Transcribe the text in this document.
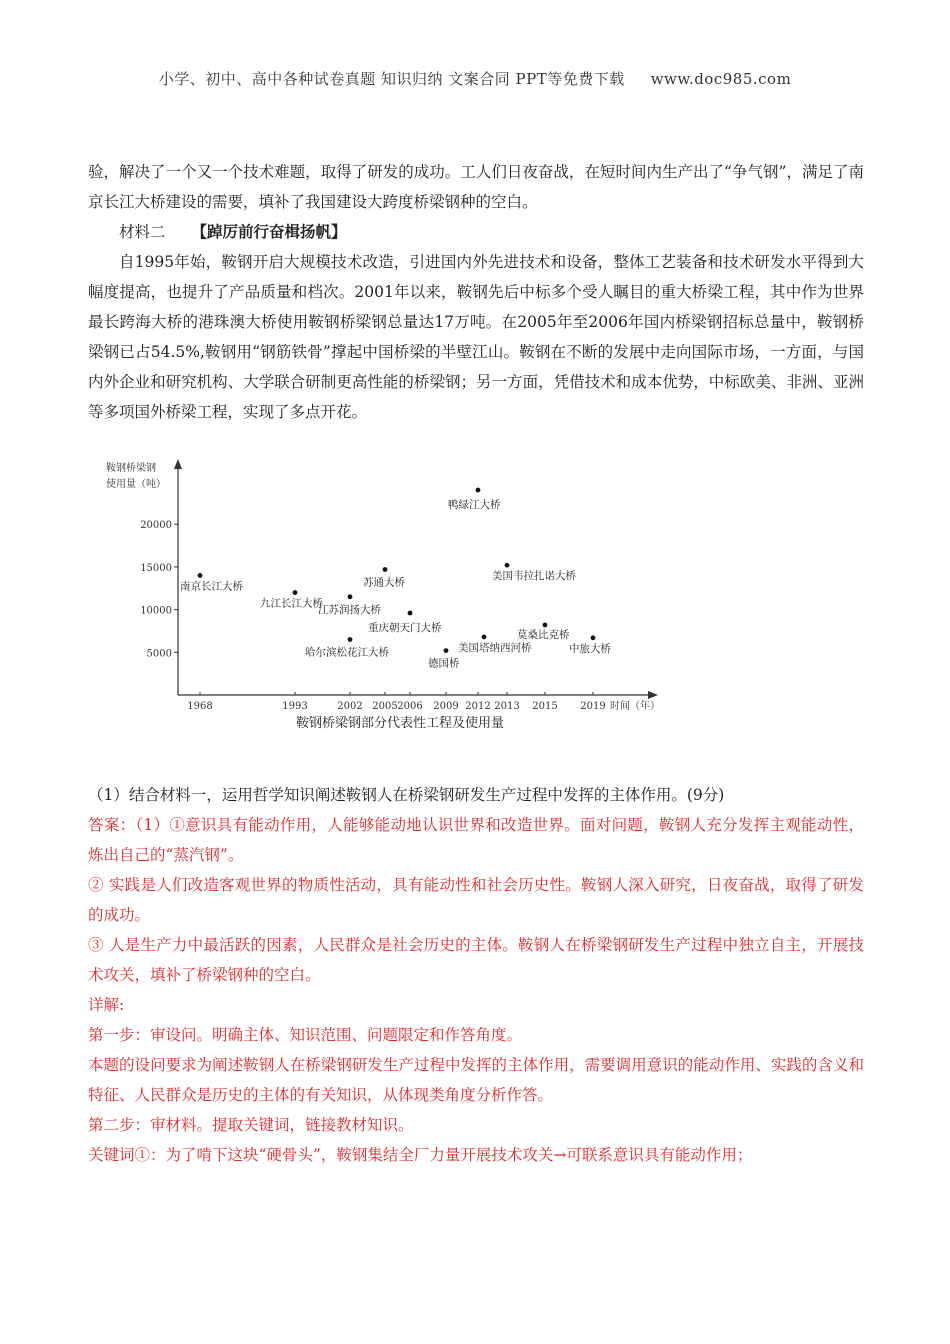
小学、初中、高中各种试卷真题 知识归纳 文案合同 PPT等免费下载 www.doc985.com

验，解决了一个又一个技术难题，取得了研发的成功。工人们日夜奋战，在短时间内生产出了“争气钢”，满足了南京长江大桥建设的需要，填补了我国建设大跨度桥梁钢种的空白。

材料二 【踔厉前行奋楫扬帆】

自1995年始，鞍钢开启大规模技术改造，引进国内外先进技术和设备，整体工艺装备和技术研发水平得到大幅度提高，也提升了产品质量和档次。2001年以来，鞍钢先后中标多个受人瞩目的重大桥梁工程，其中作为世界最长跨海大桥的港珠澳大桥使用鞍钢桥梁钢总量达17万吨。在2005年至2006年国内桥梁钢招标总量中，鞍钢桥梁钢已占54.5%,鞍钢用“钢筋铁骨”撑起中国桥梁的半壁江山。鞍钢在不断的发展中走向国际市场，一方面，与国内外企业和研究机构、大学联合研制更高性能的桥梁钢；另一方面，凭借技术和成本优势，中标欧美、非洲、亚洲等多项国外桥梁工程，实现了多点开花。

鞍钢桥梁钢
使用量（吨）
5000
10000
15000
20000
1968	1993	2002 2005 2006 2009 2012 2013 2015 2019 时间（年）
鞍钢桥梁钢部分代表性工程及使用量
南京长江大桥
九江长江大桥
哈尔滨松花江大桥
江苏润扬大桥
苏通大桥
重庆朝天门大桥
德国桥
鸭绿江大桥
美国塔纳西河桥
美国韦拉扎诺大桥
莫桑比克桥
中旅大桥

（1）结合材料一，运用哲学知识阐述鞍钢人在桥梁钢研发生产过程中发挥的主体作用。(9分)

答案：（1）①意识具有能动作用，人能够能动地认识世界和改造世界。面对问题，鞍钢人充分发挥主观能动性，炼出自己的“蒸汽钢”。

② 实践是人们改造客观世界的物质性活动，具有能动性和社会历史性。鞍钢人深入研究，日夜奋战，取得了研发的成功。

③ 人是生产力中最活跃的因素，人民群众是社会历史的主体。鞍钢人在桥梁钢研发生产过程中独立自主，开展技术攻关，填补了桥梁钢种的空白。

详解:

第一步：审设问。明确主体、知识范围、问题限定和作答角度。

本题的设问要求为阐述鞍钢人在桥梁钢研发生产过程中发挥的主体作用，需要调用意识的能动作用、实践的含义和特征、人民群众是历史的主体的有关知识，从体现类角度分析作答。

第二步：审材料。提取关键词，链接教材知识。

关键词①：为了啃下这块“硬骨头”，鞍钢集结全厂力量开展技术攻关→可联系意识具有能动作用；
